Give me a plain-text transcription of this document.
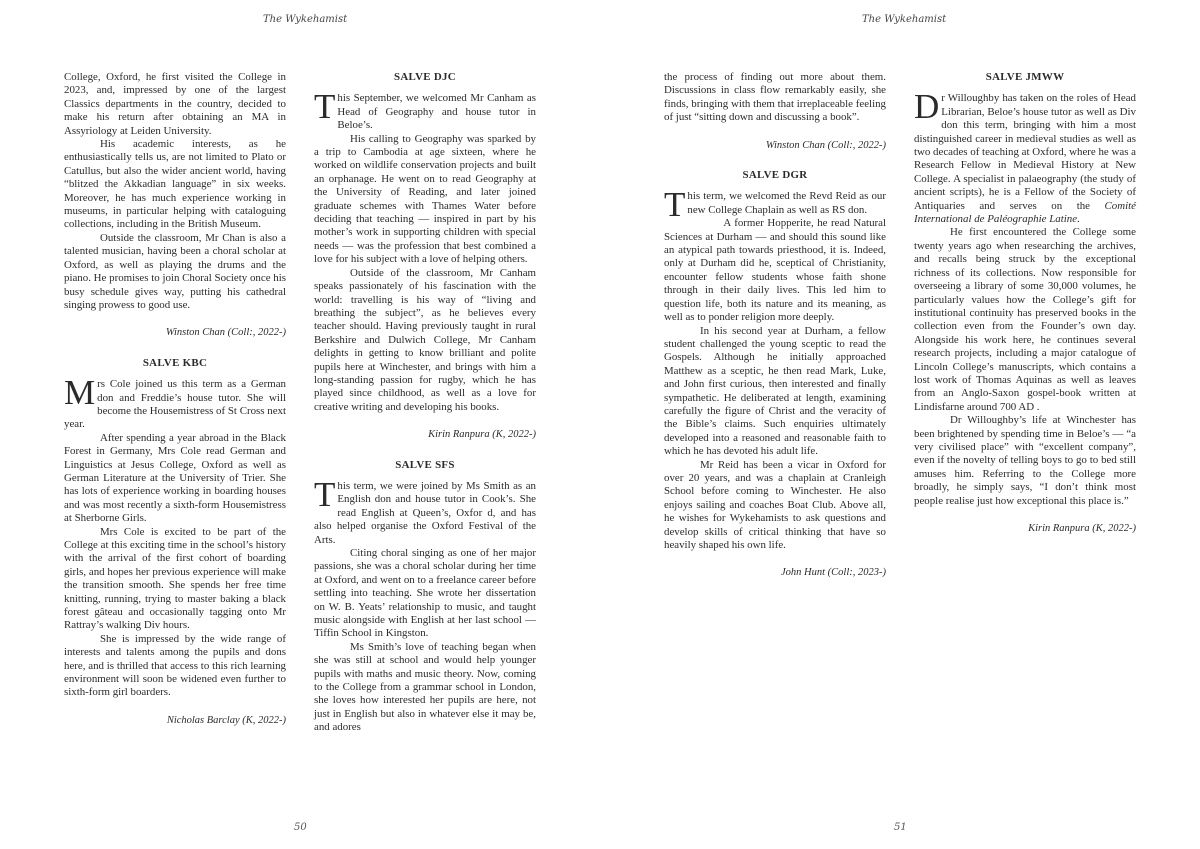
The Wykehamist

College, Oxford, he first visited the College in 2023, and, impressed by one of the largest Classics departments in the country, decided to make his return after obtaining an MA in Assyriology at Leiden University.

His academic interests, as he enthusiastically tells us, are not limited to Plato or Catullus, but also the wider ancient world, having “blitzed the Akkadian language” in six weeks. Moreover, he has much experience working in museums, in particular helping with cataloguing collections, including in the British Museum.

Outside the classroom, Mr Chan is also a talented musician, having been a choral scholar at Oxford, as well as playing the drums and the piano. He promises to join Choral Society once his busy schedule gives way, putting his cathedral singing prowess to good use.

Winston Chan (Coll:, 2022-)
SALVE KBC

Mrs Cole joined us this term as a German don and Freddie’s house tutor. She will become the Housemistress of St Cross next year.

After spending a year abroad in the Black Forest in Germany, Mrs Cole read German and Linguistics at Jesus College, Oxford as well as German Literature at the University of Trier. She has lots of experience working in boarding houses and was most recently a sixth-form Housemistress at Sherborne Girls.

Mrs Cole is excited to be part of the College at this exciting time in the school’s history with the arrival of the first cohort of boarding girls, and hopes her previous experience will make the transition smooth. She spends her free time knitting, running, trying to master baking a black forest gâteau and occasionally tagging onto Mr Rattray’s walking Div hours.

She is impressed by the wide range of interests and talents among the pupils and dons here, and is thrilled that access to this rich learning environment will soon be widened even further to sixth-form girl boarders.

Nicholas Barclay (K, 2022-)
SALVE DJC

This September, we welcomed Mr Canham as Head of Geography and house tutor in Beloe’s.

His calling to Geography was sparked by a trip to Cambodia at age sixteen, where he worked on wildlife conservation projects and built an orphanage. He went on to read Geography at the University of Reading, and later joined graduate schemes with Thames Water before deciding that teaching — inspired in part by his mother’s work in supporting children with special needs — was the profession that best combined a love for his subject with a love of helping others.

Outside of the classroom, Mr Canham speaks passionately of his fascination with the world: travelling is his way of “living and breathing the subject”, as he believes every teacher should. Having previously taught in rural Berkshire and Dulwich College, Mr Canham delights in getting to know brilliant and polite pupils here at Winchester, and brings with him a long-standing passion for rugby, which he has played since childhood, as well as a love for creative writing and developing his books.

Kirin Ranpura (K, 2022-)
SALVE SFS

This term, we were joined by Ms Smith as an English don and house tutor in Cook’s. She read English at Queen’s, Oxfor d, and has also helped organise the Oxford Festival of the Arts.

Citing choral singing as one of her major passions, she was a choral scholar during her time at Oxford, and went on to a freelance career before settling into teaching. She wrote her dissertation on W. B. Yeats’ relationship to music, and taught music alongside with English at her last school — Tiffin School in Kingston.

Ms Smith’s love of teaching began when she was still at school and would help younger pupils with maths and music theory. Now, coming to the College from a grammar school in London, she loves how interested her pupils are here, not just in English but also in whatever else it may be, and adores

50
The Wykehamist

the process of finding out more about them. Discussions in class flow remarkably easily, she finds, bringing with them that irreplaceable feeling of just “sitting down and discussing a book”.

Winston Chan (Coll:, 2022-)
SALVE DGR

This term, we welcomed the Revd Reid as our new College Chaplain as well as RS don.

A former Hopperite, he read Natural Sciences at Durham — and should this sound like an atypical path towards priesthood, it is. Indeed, only at Durham did he, sceptical of Christianity, encounter fellow students whose faith shone through in their daily lives. This led him to question life, both its nature and its meaning, as well as to ponder religion more deeply.

In his second year at Durham, a fellow student challenged the young sceptic to read the Gospels. Although he initially approached Matthew as a sceptic, he then read Mark, Luke, and John first curious, then interested and finally sympathetic. He deliberated at length, examining carefully the figure of Christ and the veracity of the Bible’s claims. Such enquiries ultimately developed into a reasoned and reasonable faith to which he has devoted his adult life.

Mr Reid has been a vicar in Oxford for over 20 years, and was a chaplain at Cranleigh School before coming to Winchester. He also enjoys sailing and coaches Boat Club. Above all, he wishes for Wykehamists to ask questions and develop skills of critical thinking that have so heavily shaped his own life.

John Hunt (Coll:, 2023-)
SALVE JMWW

Dr Willoughby has taken on the roles of Head Librarian, Beloe’s house tutor as well as Div don this term, bringing with him a most distinguished career in medieval studies as well as two decades of teaching at Oxford, where he was a Research Fellow in Medieval History at New College. A specialist in palaeography (the study of ancient scripts), he is a Fellow of the Society of Antiquaries and serves on the Comité International de Paléographie Latine.

He first encountered the College some twenty years ago when researching the archives, and recalls being struck by the exceptional richness of its collections. Now responsible for overseeing a library of some 30,000 volumes, he particularly values how the College’s gift for institutional continuity has preserved books in the collection even from the Founder’s own day. Alongside his work here, he continues several research projects, including a major catalogue of Lincoln College’s manuscripts, which contains a lost work of Thomas Aquinas as well as leaves from an Anglo-Saxon gospel-book written at Lindisfarne around 700 AD .

Dr Willoughby’s life at Winchester has been brightened by spending time in Beloe’s — “a very civilised place” with “excellent company”, even if the novelty of telling boys to go to bed still amuses him. Referring to the College more broadly, he simply says, “I don’t think most people realise just how exceptional this place is.”

Kirin Ranpura (K, 2022-)
51
